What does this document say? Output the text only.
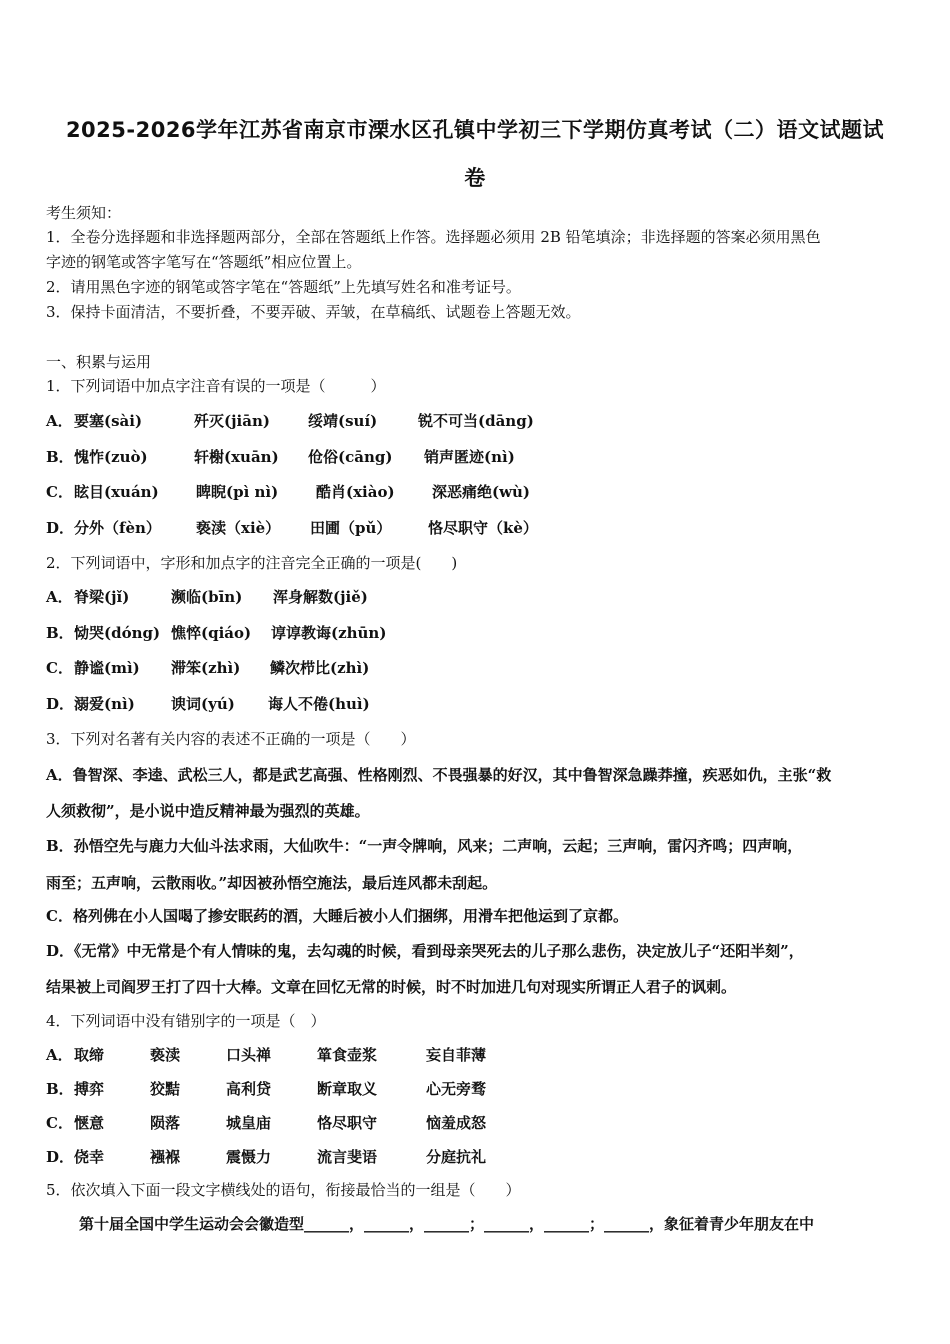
2025-2026学年江苏省南京市溧水区孔镇中学初三下学期仿真考试（二）语文试题试
卷
考生须知：
1．全卷分选择题和非选择题两部分，全部在答题纸上作答。选择题必须用 2B 铅笔填涂；非选择题的答案必须用黑色
字迹的钢笔或答字笔写在“答题纸”相应位置上。
2．请用黑色字迹的钢笔或答字笔在“答题纸”上先填写姓名和准考证号。
3．保持卡面清洁，不要折叠，不要弄破、弄皱，在草稿纸、试题卷上答题无效。
一、积累与运用
1．下列词语中加点字注音有误的一项是（　　　）
A． 要塞(sài)	歼灭(jiān)	绥靖(suí)	锐不可当(dāng)
B． 愧怍(zuò)	轩榭(xuān) 伧俗(cāng) 销声匿迹(nì)
C． 眩目(xuán) 睥睨(pì nì)	酷肖(xiào) 深恶痛绝(wù)
D． 分外（fèn） 亵渎（xiè） 田圃（pǔ） 恪尽职守（kè）
2．下列词语中，字形和加点字的注音完全正确的一项是(　　)
A． 脊梁(jǐ)	濒临(bīn) 浑身解数(jiě)
B． 恸哭(dóng) 憔悴(qiáo) 谆谆教诲(zhūn)
C． 静谧(mì) 滞笨(zhì) 鳞次栉比(zhì)
D． 溺爱(nì) 谀词(yú) 诲人不倦(huì)
3．下列对名著有关内容的表述不正确的一项是（　　）
A．鲁智深、李逵、武松三人，都是武艺高强、性格刚烈、不畏强暴的好汉，其中鲁智深急躁莽撞，疾恶如仇，主张“救
人须救彻”，是小说中造反精神最为强烈的英雄。
B．孙悟空先与鹿力大仙斗法求雨，大仙吹牛：“一声令牌响，风来；二声响，云起；三声响，雷闪齐鸣；四声响，
雨至；五声响，云散雨收。”却因被孙悟空施法，最后连风都未刮起。
C．格列佛在小人国喝了掺安眠药的酒，大睡后被小人们捆绑，用滑车把他运到了京都。
D．《无常》中无常是个有人情味的鬼，去勾魂的时候，看到母亲哭死去的儿子那么悲伤，决定放儿子“还阳半刻”，
结果被上司阎罗王打了四十大棒。文章在回忆无常的时候，时不时加进几句对现实所谓正人君子的讽刺。
4．下列词语中没有错别字的一项是（　）
A． 取缔	亵渎	口头禅	箪食壶浆	妄自菲薄
B． 搏弈	狡黠	高利贷	断章取义	心无旁骛
C． 惬意	陨落	城皇庙	恪尽职守	恼羞成怒
D． 侥幸	襁褓	震慑力	流言斐语	分庭抗礼
5．依次填入下面一段文字横线处的语句，衔接最恰当的一组是（　　）
第十届全国中学生运动会会徽造型______，______，______；______，______；______，象征着青少年朋友在中
